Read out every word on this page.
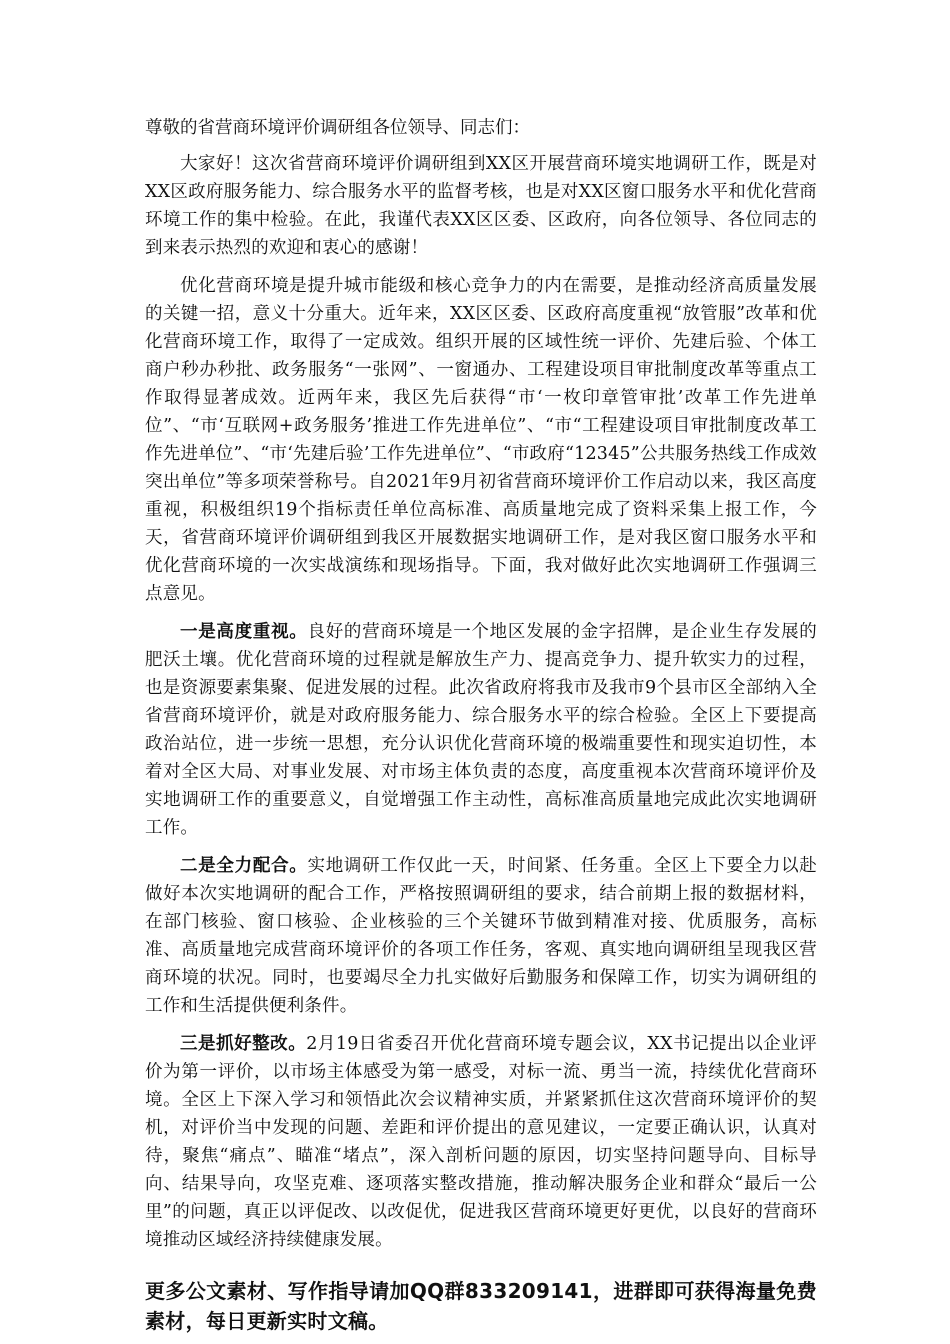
尊敬的省营商环境评价调研组各位领导、同志们：

大家好！这次省营商环境评价调研组到XX区开展营商环境实地调研工作，既是对XX区政府服务能力、综合服务水平的监督考核，也是对XX区窗口服务水平和优化营商环境工作的集中检验。在此，我谨代表XX区区委、区政府，向各位领导、各位同志的到来表示热烈的欢迎和衷心的感谢！

优化营商环境是提升城市能级和核心竞争力的内在需要，是推动经济高质量发展的关键一招，意义十分重大。近年来，XX区区委、区政府高度重视“放管服”改革和优化营商环境工作，取得了一定成效。组织开展的区域性统一评价、先建后验、个体工商户秒办秒批、政务服务“一张网”、一窗通办、工程建设项目审批制度改革等重点工作取得显著成效。近两年来，我区先后获得“市‘一枚印章管审批’改革工作先进单位”、“市‘互联网+政务服务’推进工作先进单位”、“市“工程建设项目审批制度改革工作先进单位”、“市‘先建后验’工作先进单位”、“市政府“12345”公共服务热线工作成效突出单位”等多项荣誉称号。自2021年9月初省营商环境评价工作启动以来，我区高度重视，积极组织19个指标责任单位高标准、高质量地完成了资料采集上报工作，今天，省营商环境评价调研组到我区开展数据实地调研工作，是对我区窗口服务水平和优化营商环境的一次实战演练和现场指导。下面，我对做好此次实地调研工作强调三点意见。

一是高度重视。良好的营商环境是一个地区发展的金字招牌，是企业生存发展的肥沃土壤。优化营商环境的过程就是解放生产力、提高竞争力、提升软实力的过程，也是资源要素集聚、促进发展的过程。此次省政府将我市及我市9个县市区全部纳入全省营商环境评价，就是对政府服务能力、综合服务水平的综合检验。全区上下要提高政治站位，进一步统一思想，充分认识优化营商环境的极端重要性和现实迫切性，本着对全区大局、对事业发展、对市场主体负责的态度，高度重视本次营商环境评价及实地调研工作的重要意义，自觉增强工作主动性，高标准高质量地完成此次实地调研工作。

二是全力配合。实地调研工作仅此一天，时间紧、任务重。全区上下要全力以赴做好本次实地调研的配合工作，严格按照调研组的要求，结合前期上报的数据材料，在部门核验、窗口核验、企业核验的三个关键环节做到精准对接、优质服务，高标准、高质量地完成营商环境评价的各项工作任务，客观、真实地向调研组呈现我区营商环境的状况。同时，也要竭尽全力扎实做好后勤服务和保障工作，切实为调研组的工作和生活提供便利条件。

三是抓好整改。2月19日省委召开优化营商环境专题会议，XX书记提出以企业评价为第一评价，以市场主体感受为第一感受，对标一流、勇当一流，持续优化营商环境。全区上下深入学习和领悟此次会议精神实质，并紧紧抓住这次营商环境评价的契机，对评价当中发现的问题、差距和评价提出的意见建议，一定要正确认识，认真对待，聚焦“痛点”、瞄准“堵点”，深入剖析问题的原因，切实坚持问题导向、目标导向、结果导向，攻坚克难、逐项落实整改措施，推动解决服务企业和群众“最后一公里”的问题，真正以评促改、以改促优，促进我区营商环境更好更优，以良好的营商环境推动区域经济持续健康发展。

更多公文素材、写作指导请加QQ群833209141，进群即可获得海量免费素材，每日更新实时文稿。
